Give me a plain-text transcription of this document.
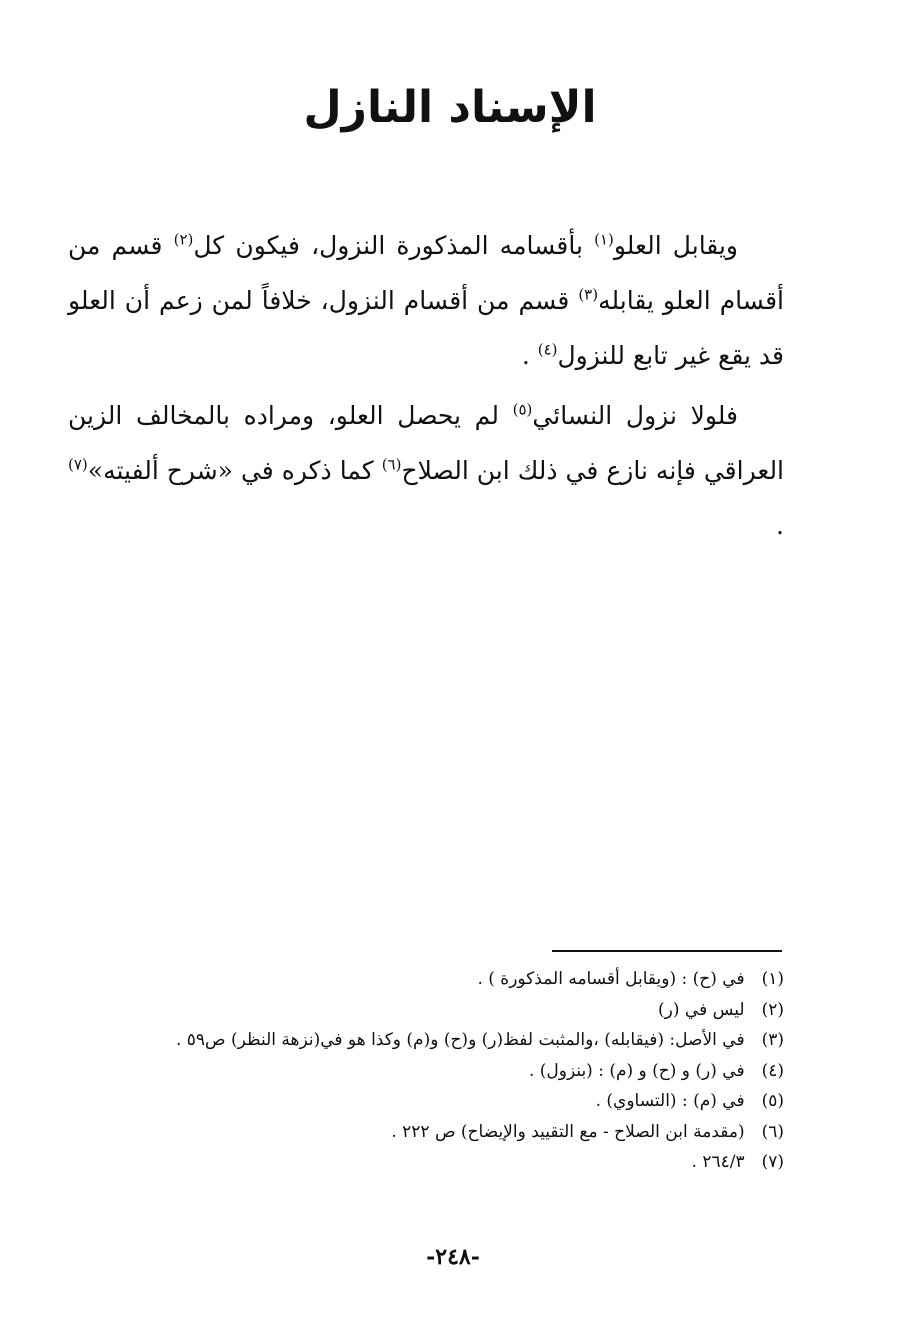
الإسناد النازل

ويقابل العلو$^{(١)}$ بأقسامه المذكورة النزول، فيكون كل$^{(٢)}$ قسم من أقسام العلو يقابله$^{(٣)}$ قسم من أقسام النزول، خلافاً لمن زعم أن العلو قد يقع غير تابع للنزول$^{(٤)}$ .

فلولا نزول النسائي$^{(٥)}$ لم يحصل العلو، ومراده بالمخالف الزين العراقي فإنه نازع في ذلك ابن الصلاح$^{(٦)}$ كما ذكره في «شرح ألفيته»$^{(٧)}$ .

(١) في (ح) : (ويقابل أقسامه المذكورة ) .
(٢) ليس في (ر)
(٣) في الأصل: (فيقابله) ،والمثبت لفظ(ر) و(ح) و(م) وكذا هو في(نزهة النظر) ص٥٩ .
(٤) في (ر) و (ح) و (م) : (بنزول) .
(٥) في (م) : (التساوي) .
(٦) (مقدمة ابن الصلاح - مع التقييد والإيضاح) ص ٢٢٢ .
(٧) ٢٦٤/٣ .
-٢٤٨-
